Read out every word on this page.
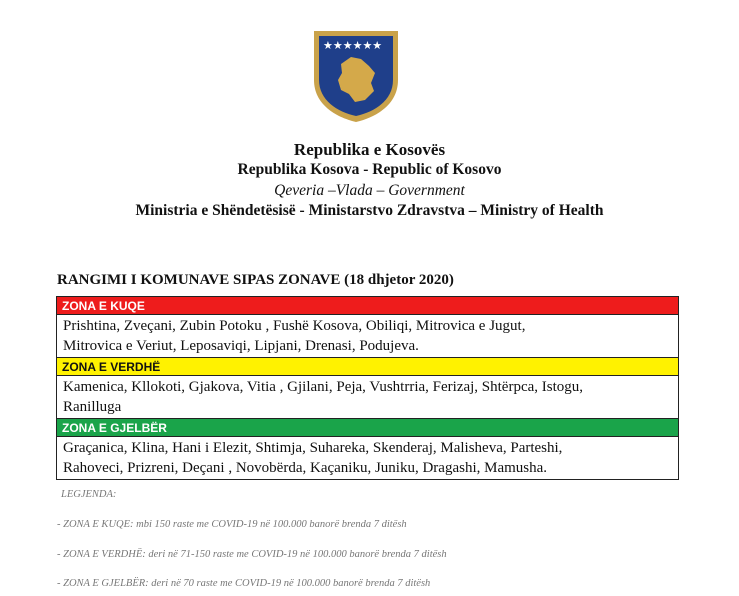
★★★★★★
Republika e Kosovës
Republika Kosova - Republic of Kosovo
Qeveria –Vlada – Government
Ministria e Shëndetësisë - Ministarstvo Zdravstva – Ministry of Health
RANGIMI I KOMUNAVE SIPAS ZONAVE (18 dhjetor 2020)
ZONA E KUQE
Prishtina, Zveçani, Zubin Potoku , Fushë Kosova, Obiliqi, Mitrovica e Jugut,
Mitrovica e Veriut, Leposaviqi, Lipjani, Drenasi, Podujeva.
ZONA E VERDHË
Kamenica, Kllokoti, Gjakova, Vitia , Gjilani, Peja, Vushtrria, Ferizaj, Shtërpca, Istogu,
Ranilluga
ZONA E GJELBËR
Graçanica, Klina, Hani i Elezit, Shtimja, Suhareka, Skenderaj, Malisheva, Parteshi,
Rahoveci, Prizreni, Deçani , Novobërda, Kaçaniku, Juniku, Dragashi, Mamusha.
LEGJENDA:
- ZONA E KUQE: mbi 150 raste me COVID-19 në 100.000 banorë brenda 7 ditësh
- ZONA E VERDHË: deri në 71-150 raste me COVID-19 në 100.000 banorë brenda 7 ditësh
- ZONA E GJELBËR: deri në 70 raste me COVID-19 në 100.000 banorë brenda 7 ditësh
